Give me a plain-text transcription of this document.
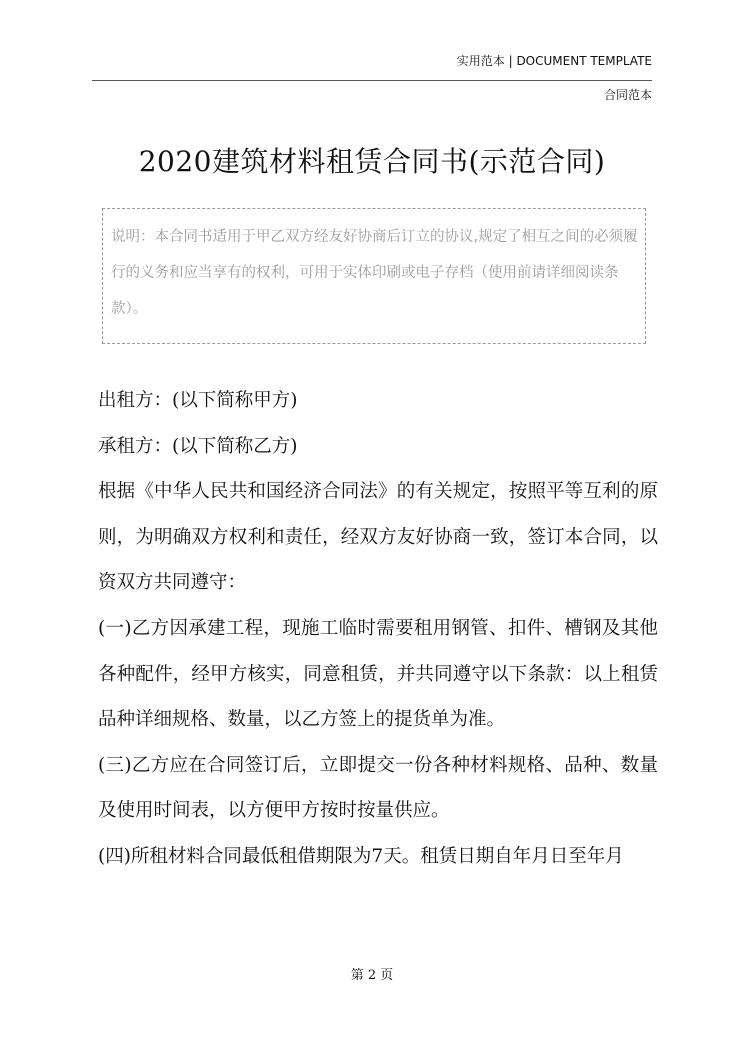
实用范本 | DOCUMENT TEMPLATE
合同范本
2020建筑材料租赁合同书(示范合同)
说明：本合同书适用于甲乙双方经友好协商后订立的协议,规定了相互之间的必须履行的义务和应当享有的权利，可用于实体印刷或电子存档（使用前请详细阅读条款）。

出租方：(以下简称甲方)

承租方：(以下简称乙方)

根据《中华人民共和国经济合同法》的有关规定，按照平等互利的原则，为明确双方权利和责任，经双方友好协商一致，签订本合同，以资双方共同遵守：

(一)乙方因承建工程，现施工临时需要租用钢管、扣件、槽钢及其他各种配件，经甲方核实，同意租赁，并共同遵守以下条款：以上租赁品种详细规格、数量，以乙方签上的提货单为准。

(三)乙方应在合同签订后，立即提交一份各种材料规格、品种、数量及使用时间表，以方便甲方按时按量供应。

(四)所租材料合同最低租借期限为7天。租赁日期自年月日至年月

第 2 页
